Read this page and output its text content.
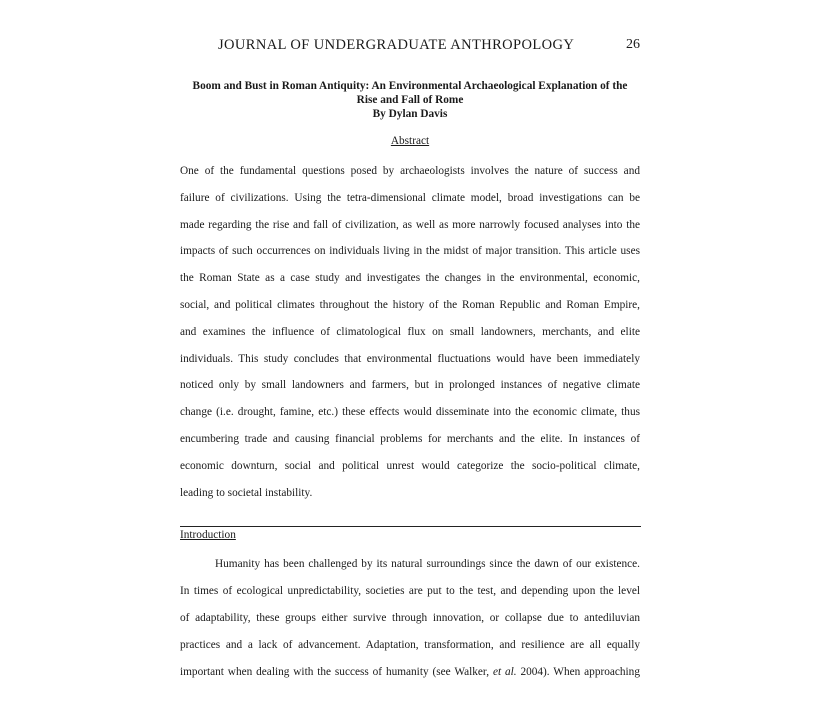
JOURNAL OF UNDERGRADUATE ANTHROPOLOGY	26
Boom and Bust in Roman Antiquity: An Environmental Archaeological Explanation of the
Rise and Fall of Rome
By Dylan Davis
Abstract
One of the fundamental questions posed by archaeologists involves the nature of success and
failure of civilizations. Using the tetra-dimensional climate model, broad investigations can be
made regarding the rise and fall of civilization, as well as more narrowly focused analyses into the
impacts of such occurrences on individuals living in the midst of major transition. This article uses
the Roman State as a case study and investigates the changes in the environmental, economic,
social, and political climates throughout the history of the Roman Republic and Roman Empire,
and examines the influence of climatological flux on small landowners, merchants, and elite
individuals. This study concludes that environmental fluctuations would have been immediately
noticed only by small landowners and farmers, but in prolonged instances of negative climate
change (i.e. drought, famine, etc.) these effects would disseminate into the economic climate, thus
encumbering trade and causing financial problems for merchants and the elite. In instances of
economic downturn, social and political unrest would categorize the socio-political climate,
leading to societal instability.
Introduction
Humanity has been challenged by its natural surroundings since the dawn of our existence.
In times of ecological unpredictability, societies are put to the test, and depending upon the level
of adaptability, these groups either survive through innovation, or collapse due to antediluvian
practices and a lack of advancement. Adaptation, transformation, and resilience are all equally
important when dealing with the success of humanity (see Walker, et al. 2004). When approaching
